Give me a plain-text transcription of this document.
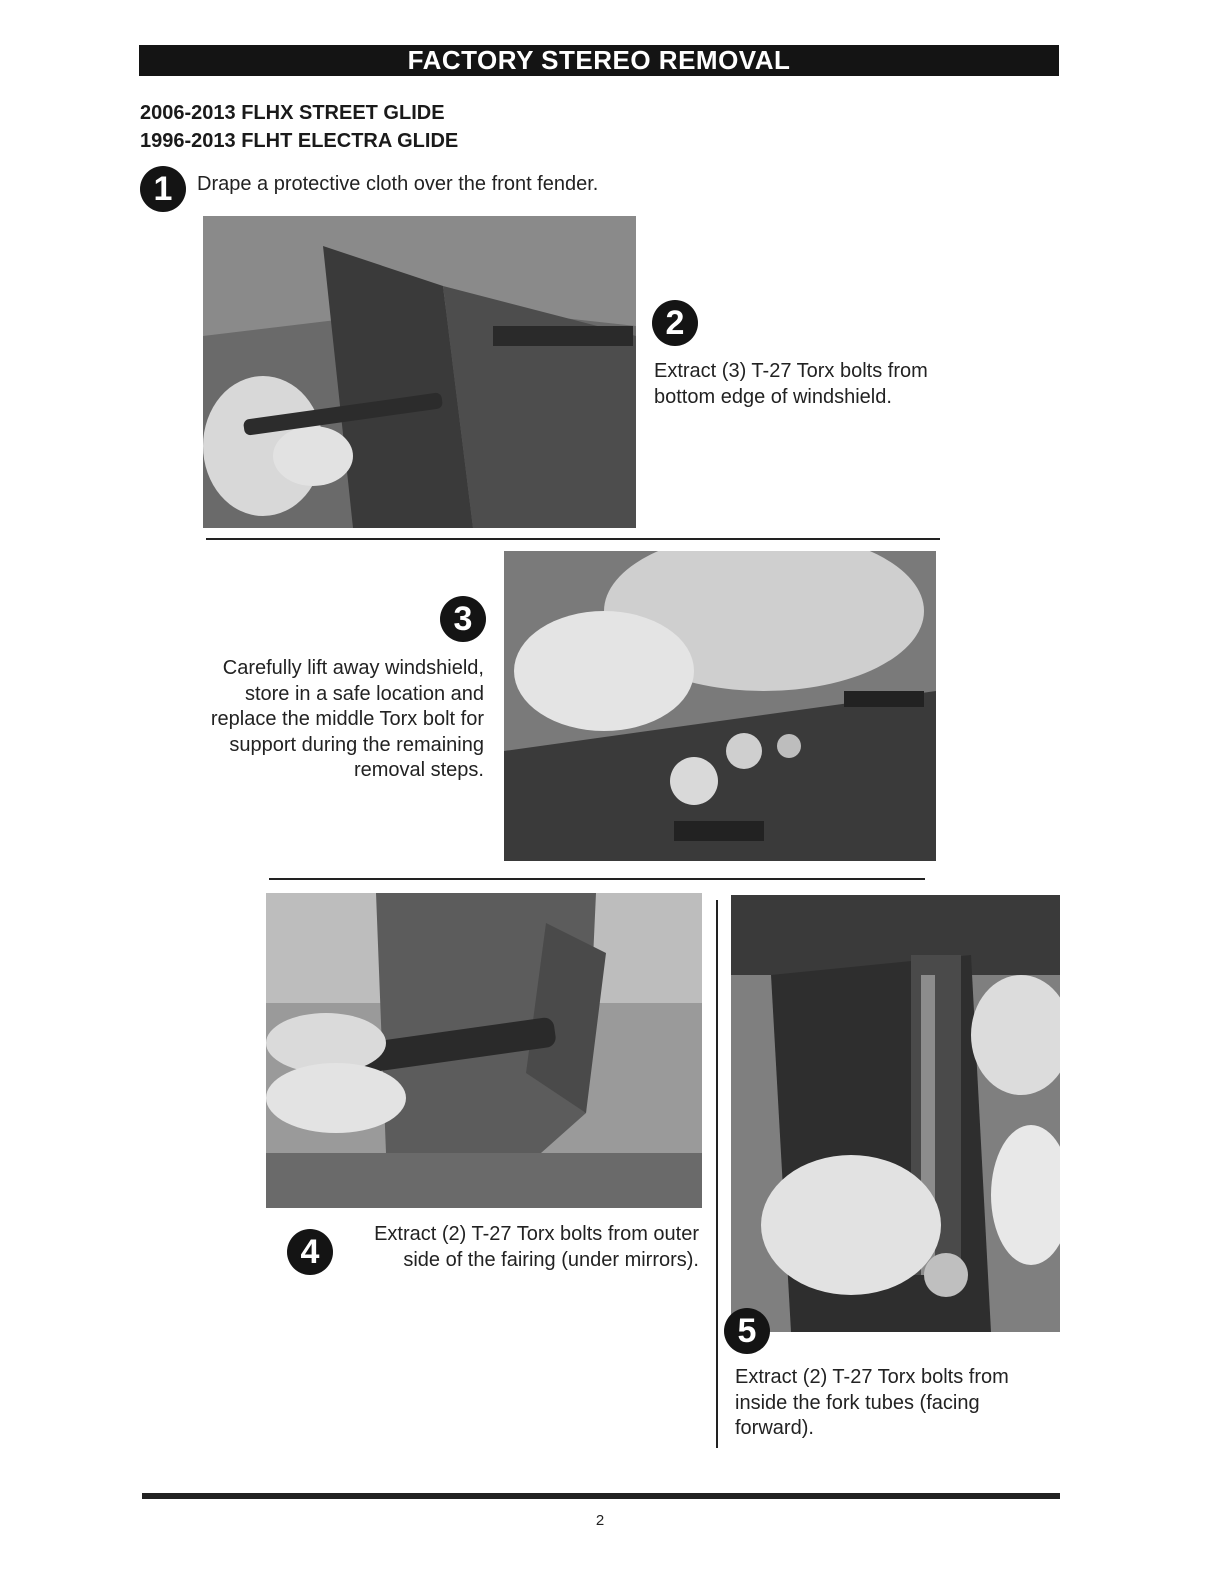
FACTORY STEREO REMOVAL
2006-2013 FLHX STREET GLIDE
1996-2013 FLHT ELECTRA GLIDE
1	Drape a protective cloth over the front fender.
2
Extract (3) T-27 Torx bolts from
bottom edge of windshield.
3
Carefully lift away windshield,
store in a safe location and
replace the middle Torx bolt for
support during the remaining
removal steps.
4	Extract (2) T-27 Torx bolts from outer
side of the fairing (under mirrors).
5
Extract (2) T-27 Torx bolts from
inside the fork tubes (facing
forward).
2
